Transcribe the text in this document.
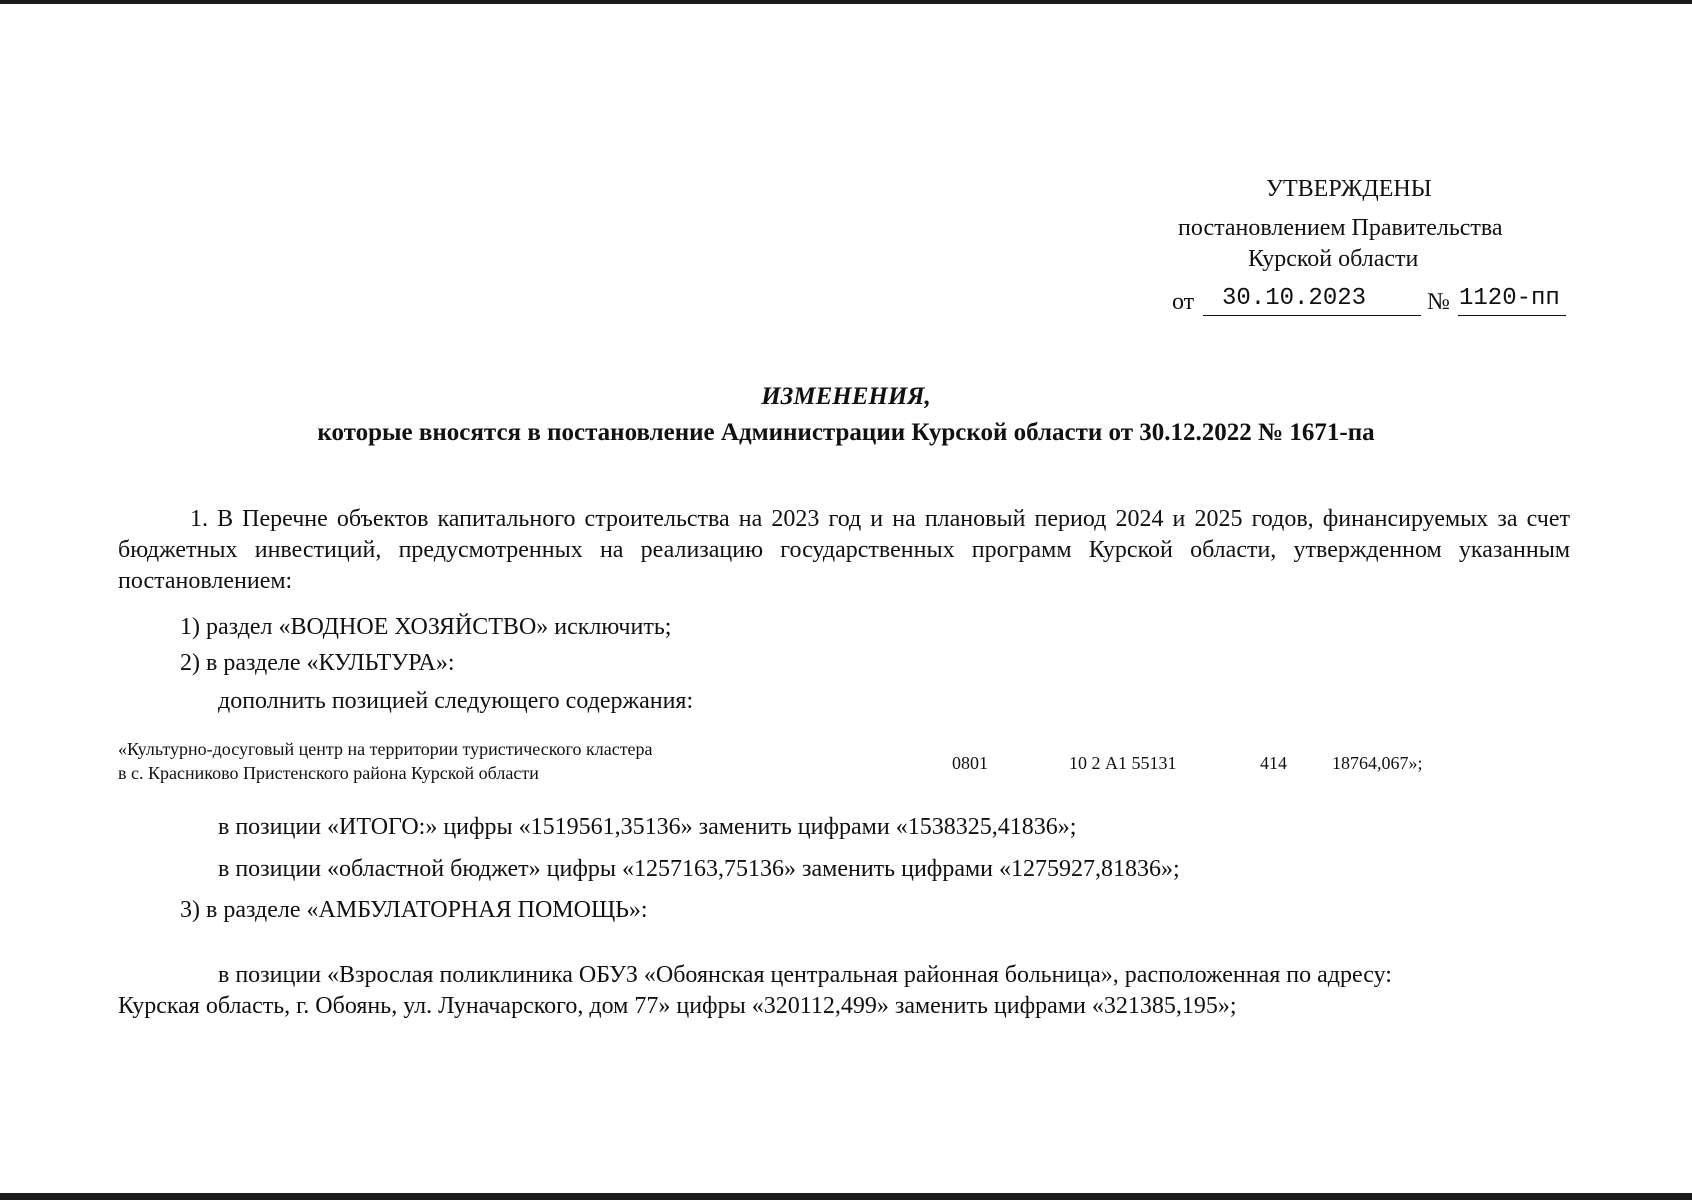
УТВЕРЖДЕНЫ
постановлением Правительства
Курской области
от 30.10.2023	№ 1120-пп
ИЗМЕНЕНИЯ,
которые вносятся в постановление Администрации Курской области от 30.12.2022 № 1671-па
1. В Перечне объектов капитального строительства на 2023 год и на плановый период 2024 и 2025 годов, финансируемых за счет бюджетных инвестиций, предусмотренных на реализацию государственных программ Курской области, утвержденном указанным постановлением:
1) раздел «ВОДНОЕ ХОЗЯЙСТВО» исключить;
2) в разделе «КУЛЬТУРА»:
дополнить позицией следующего содержания:
«Культурно-досуговый центр на территории туристического кластера
в с. Красниково Пристенского района Курской области	0801	10 2 А1 55131	414	18764,067»;
в позиции «ИТОГО:» цифры «1519561,35136» заменить цифрами «1538325,41836»;
в позиции «областной бюджет» цифры «1257163,75136» заменить цифрами «1275927,81836»;
3) в разделе «АМБУЛАТОРНАЯ ПОМОЩЬ»:
в позиции «Взрослая поликлиника ОБУЗ «Обоянская центральная районная больница», расположенная по адресу:
Курская область, г. Обоянь, ул. Луначарского, дом 77» цифры «320112,499» заменить цифрами «321385,195»;
